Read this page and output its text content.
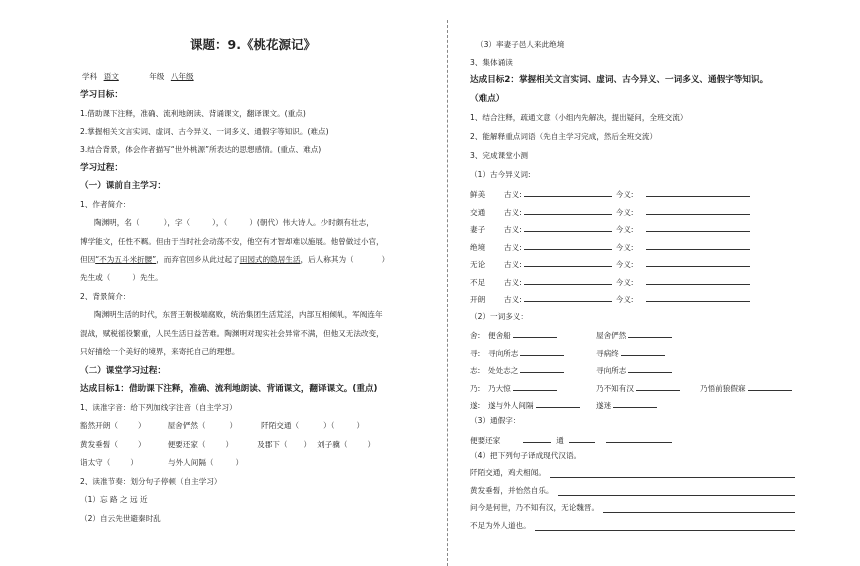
课题：9.《桃花源记》
学科 语文	年级 八年级
学习目标：
1.借助课下注释，准确、流利地朗读、背诵课文，翻译课文。(重点)
2.掌握相关文言实词、虚词、古今异义、一词多义、通假字等知识。(难点)
3.结合背景，体会作者描写“世外桃源”所表达的思想感情。(重点、难点)
学习过程：
（一）课前自主学习：
1、作者简介：
陶渊明，名（	），字（	），（	）(朝代）伟大诗人。少时颇有壮志，
博学能文，任性不羁。但由于当时社会动荡不安，他空有才智却难以施展。他曾做过小官，
但因“不为五斗米折腰”，而弃官回乡从此过起了田园式的隐居生活，后人称其为（	）
先生或（	）先生。
2、背景简介：
陶渊明生活的时代，东晋王朝极端腐败，统治集团生活荒淫，内部互相倾轧，军阀连年
混战，赋税徭役繁重，人民生活日益苦难。陶渊明对现实社会异常不满，但他又无法改变，
只好描绘一个美好的境界，来寄托自己的理想。
（二）课堂学习过程：
达成目标1：借助课下注释，准确、流利地朗读、背诵课文，翻译课文。(重点)
1、读准字音：给下列加线字注音（自主学习）
豁然开朗（	）	屋舍俨然（	）	阡陌交通（	）（	）
黄发垂髫（	）	便要还家（	）	及郡下（ ） 刘子骥（	）
诣太守（	）	与外人间隔（	）
2、读准节奏：划分句子停顿（自主学习）
（1）忘 路 之 远 近
（2）自云先世避秦时乱
（3）率妻子邑人来此绝境
3、集体诵读
达成目标2：掌握相关文言实词、虚词、古今异义、一词多义、通假字等知识。
（难点）
1、结合注释，疏通文意（小组内先解决，提出疑问，全班交流）
2、能解释重点词语（先自主学习完成，然后全班交流）
3、完成课堂小测
（1）古今异义词:
鲜美 古义:	今义:
交通 古义:	今义:
妻子 古义:	今义:
绝境 古义:	今义:
无论 古义:	今义:
不足 古义:	今义:
开朗 古义:	今义:
（2）一词多义：
舍: 便舍船	屋舍俨然
寻: 寻向所志	寻病终
志: 处处志之	寻向所志
乃: 乃大惊	乃不知有汉	乃悟前狼假寐
遂: 遂与外人间隔	遂迷
（3）通假字：
便要还家	通
（4）把下列句子译成现代汉语。
阡陌交通，鸡犬相闻。
黄发垂髫，并怡然自乐。
问今是何世，乃不知有汉，无论魏晋。
不足为外人道也。
